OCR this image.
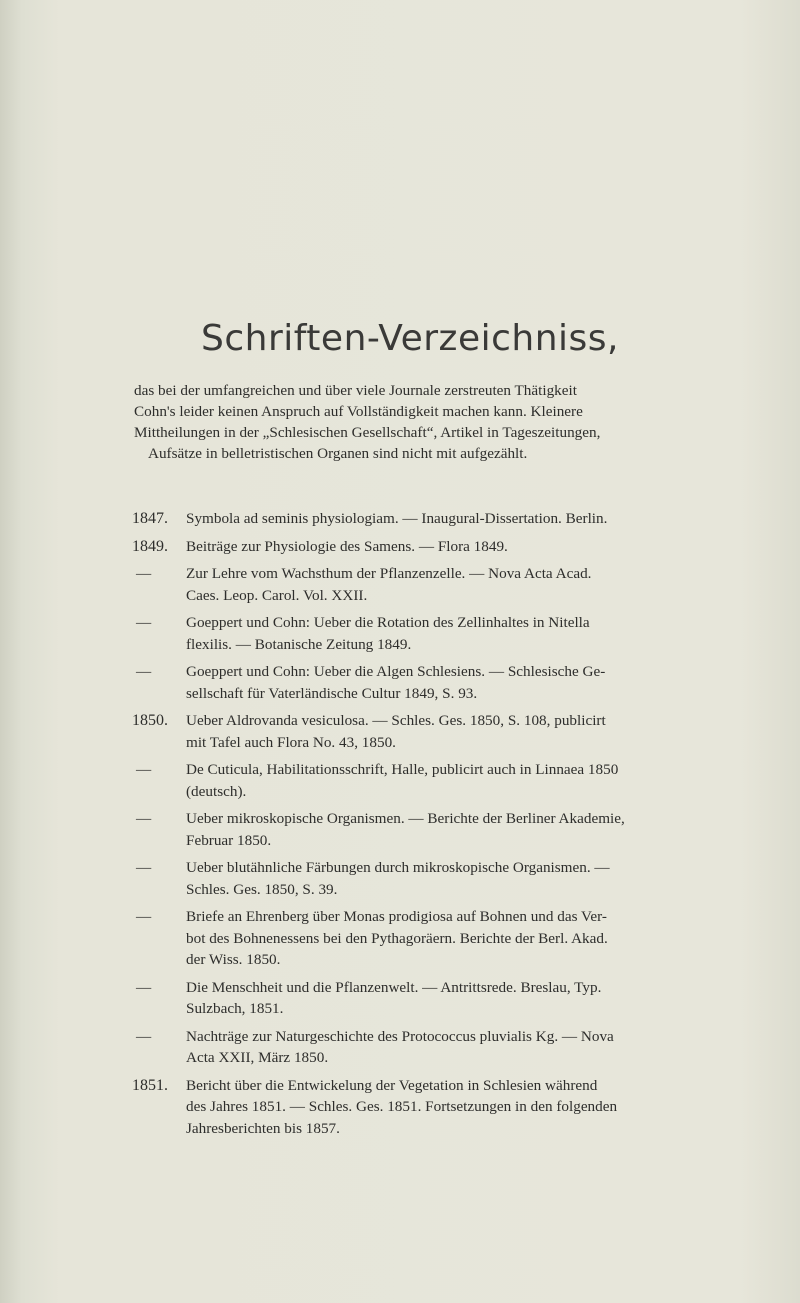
Schriften-Verzeichniss,
das bei der umfangreichen und über viele Journale zerstreuten Thätigkeit
Cohn's leider keinen Anspruch auf Vollständigkeit machen kann. Kleinere
Mittheilungen in der „Schlesischen Gesellschaft“, Artikel in Tageszeitungen,
Aufsätze in belletristischen Organen sind nicht mit aufgezählt.
1847.	Symbola ad seminis physiologiam. — Inaugural-Dissertation. Berlin.
1849.	Beiträge zur Physiologie des Samens. — Flora 1849.
—	Zur Lehre vom Wachsthum der Pflanzenzelle. — Nova Acta Acad.
Caes. Leop. Carol. Vol. XXII.
—	Goeppert und Cohn: Ueber die Rotation des Zellinhaltes in Nitella
flexilis. — Botanische Zeitung 1849.
—	Goeppert und Cohn: Ueber die Algen Schlesiens. — Schlesische Ge-
sellschaft für Vaterländische Cultur 1849, S. 93.
1850.	Ueber Aldrovanda vesiculosa. — Schles. Ges. 1850, S. 108, publicirt
mit Tafel auch Flora No. 43, 1850.
—	De Cuticula, Habilitationsschrift, Halle, publicirt auch in Linnaea 1850
(deutsch).
—	Ueber mikroskopische Organismen. — Berichte der Berliner Akademie,
Februar 1850.
—	Ueber blutähnliche Färbungen durch mikroskopische Organismen. —
Schles. Ges. 1850, S. 39.
—	Briefe an Ehrenberg über Monas prodigiosa auf Bohnen und das Ver-
bot des Bohnenessens bei den Pythagoräern. Berichte der Berl. Akad.
der Wiss. 1850.
—	Die Menschheit und die Pflanzenwelt. — Antrittsrede. Breslau, Typ.
Sulzbach, 1851.
—	Nachträge zur Naturgeschichte des Protococcus pluvialis Kg. — Nova
Acta XXII, März 1850.
1851.	Bericht über die Entwickelung der Vegetation in Schlesien während
des Jahres 1851. — Schles. Ges. 1851. Fortsetzungen in den folgenden
Jahresberichten bis 1857.
